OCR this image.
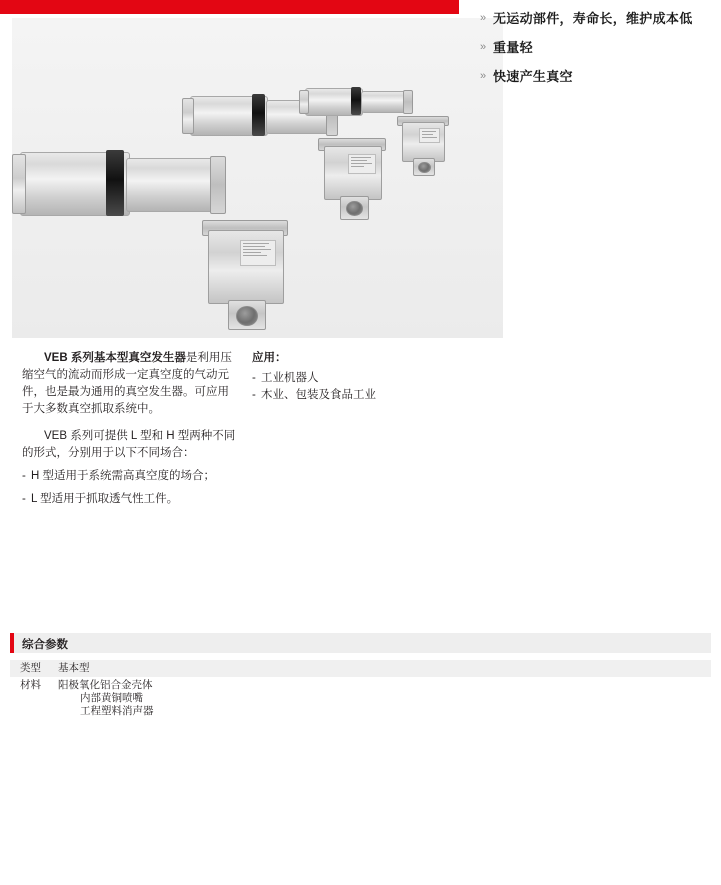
» 无运动部件，寿命长，维护成本低
» 重量轻
» 快速产生真空

VEB 系列基本型真空发生器是利用压缩空气的流动而形成一定真空度的气动元件，也是最为通用的真空发生器。可应用于大多数真空抓取系统中。

VEB 系列可提供 L 型和 H 型两种不同的形式，分别用于以下不同场合：

- H 型适用于系统需高真空度的场合；

- L 型适用于抓取透气性工件。

应用：

- 工业机器人

- 木业、包装及食品工业

综合参数
类型	基本型
材料	阳极氧化铝合金壳体
内部黄铜喷嘴
工程塑料消声器
